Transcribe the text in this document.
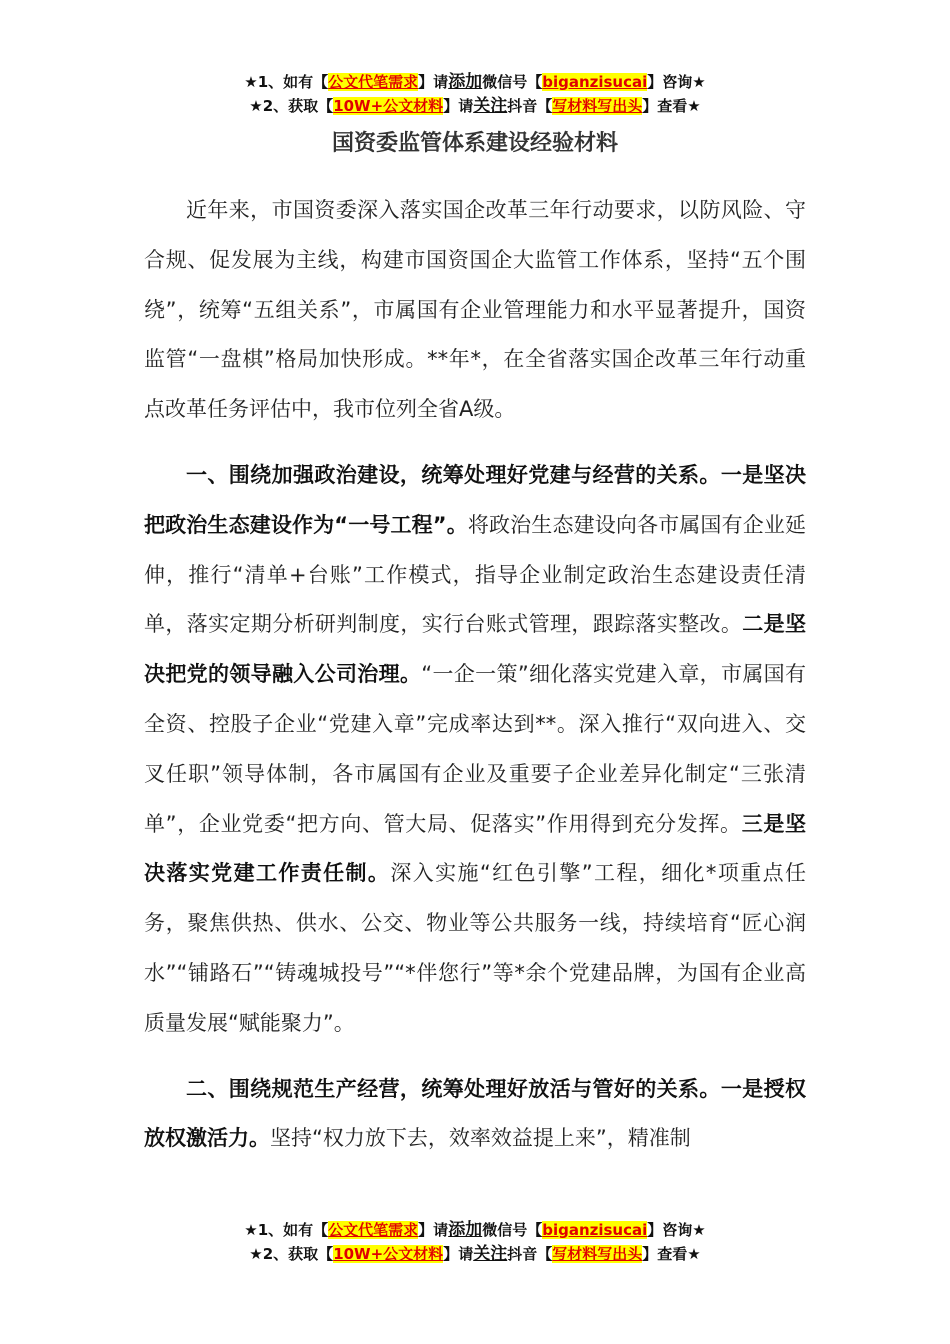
★1、如有【公文代笔需求】请添加微信号【biganzisucai】咨询★
★2、获取【10W+公文材料】请关注抖音【写材料写出头】查看★
国资委监管体系建设经验材料

近年来，市国资委深入落实国企改革三年行动要求，以防风险、守合规、促发展为主线，构建市国资国企大监管工作体系，坚持“五个围绕”，统筹“五组关系”，市属国有企业管理能力和水平显著提升，国资监管“一盘棋”格局加快形成。**年*，在全省落实国企改革三年行动重点改革任务评估中，我市位列全省A级。

一、围绕加强政治建设，统筹处理好党建与经营的关系。一是坚决把政治生态建设作为“一号工程”。将政治生态建设向各市属国有企业延伸，推行“清单+台账”工作模式，指导企业制定政治生态建设责任清单，落实定期分析研判制度，实行台账式管理，跟踪落实整改。二是坚决把党的领导融入公司治理。“一企一策”细化落实党建入章，市属国有全资、控股子企业“党建入章”完成率达到**。深入推行“双向进入、交叉任职”领导体制，各市属国有企业及重要子企业差异化制定“三张清单”，企业党委“把方向、管大局、促落实”作用得到充分发挥。三是坚决落实党建工作责任制。深入实施“红色引擎”工程，细化*项重点任务，聚焦供热、供水、公交、物业等公共服务一线，持续培育“匠心润水”“铺路石”“铸魂城投号”“*伴您行”等*余个党建品牌，为国有企业高质量发展“赋能聚力”。

二、围绕规范生产经营，统筹处理好放活与管好的关系。一是授权放权激活力。坚持“权力放下去，效率效益提上来”，精准制

★1、如有【公文代笔需求】请添加微信号【biganzisucai】咨询★
★2、获取【10W+公文材料】请关注抖音【写材料写出头】查看★
